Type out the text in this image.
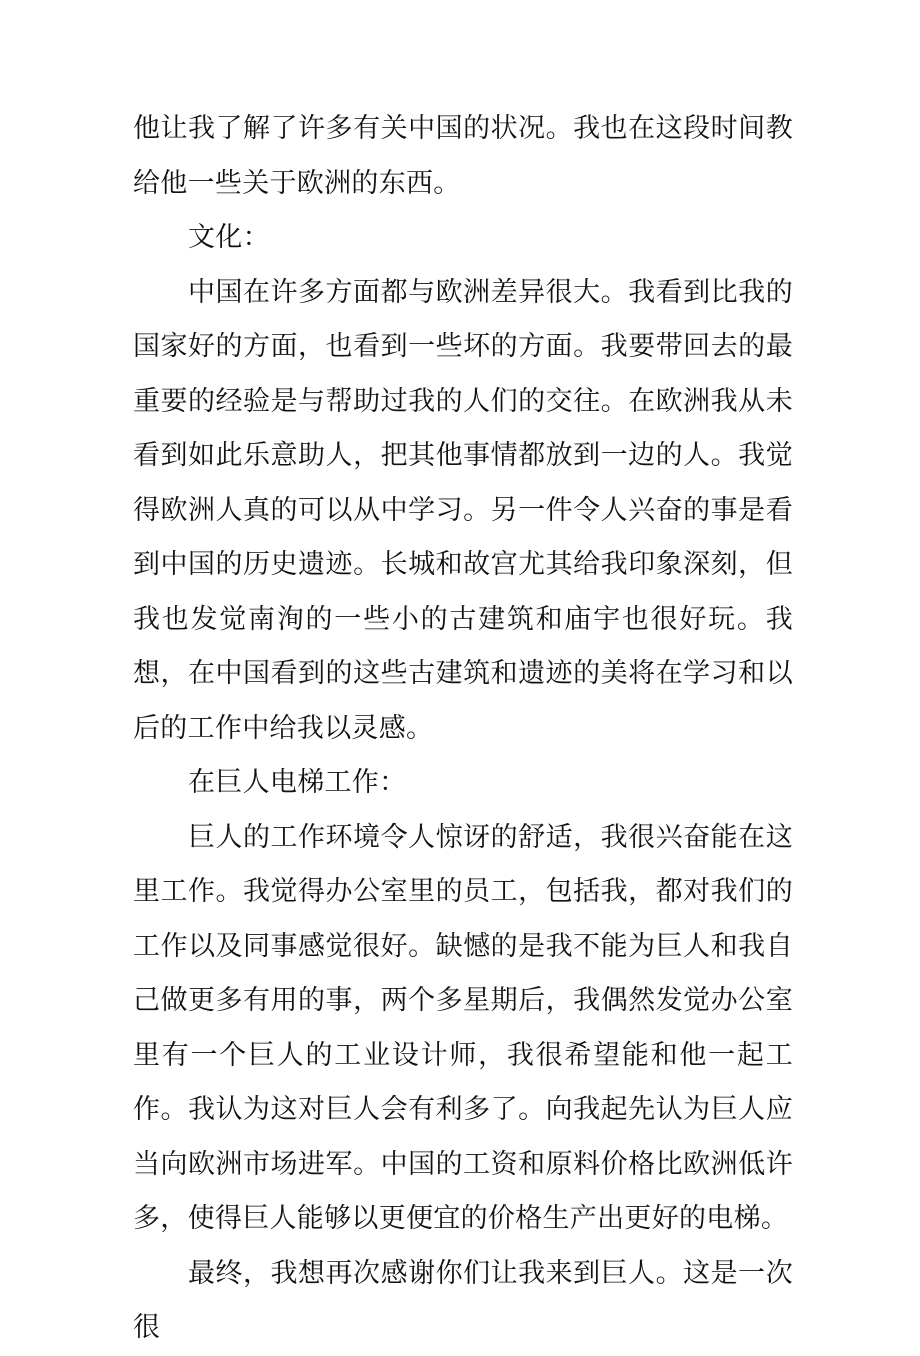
他让我了解了许多有关中国的状况。我也在这段时间教给他一些关于欧洲的东西。

文化：

中国在许多方面都与欧洲差异很大。我看到比我的国家好的方面，也看到一些坏的方面。我要带回去的最重要的经验是与帮助过我的人们的交往。在欧洲我从未看到如此乐意助人，把其他事情都放到一边的人。我觉得欧洲人真的可以从中学习。另一件令人兴奋的事是看到中国的历史遗迹。长城和故宫尤其给我印象深刻，但我也发觉南洵的一些小的古建筑和庙宇也很好玩。我想，在中国看到的这些古建筑和遗迹的美将在学习和以后的工作中给我以灵感。

在巨人电梯工作：

巨人的工作环境令人惊讶的舒适，我很兴奋能在这里工作。我觉得办公室里的员工，包括我，都对我们的工作以及同事感觉很好。缺憾的是我不能为巨人和我自己做更多有用的事，两个多星期后，我偶然发觉办公室里有一个巨人的工业设计师，我很希望能和他一起工作。我认为这对巨人会有利多了。向我起先认为巨人应当向欧洲市场进军。中国的工资和原料价格比欧洲低许多，使得巨人能够以更便宜的价格生产出更好的电梯。

最终，我想再次感谢你们让我来到巨人。这是一次很
